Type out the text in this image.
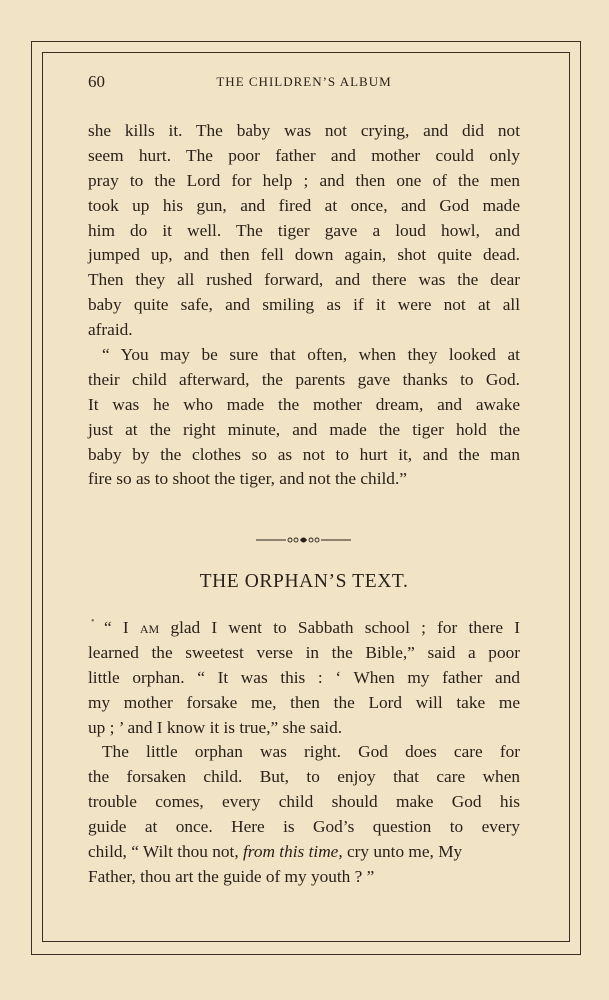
60	THE CHILDREN’S ALBUM
she kills it. The baby was not crying, and did not
seem hurt. The poor father and mother could only
pray to the Lord for help ; and then one of the men
took up his gun, and fired at once, and God made
him do it well. The tiger gave a loud howl, and
jumped up, and then fell down again, shot quite dead.
Then they all rushed forward, and there was the dear
baby quite safe, and smiling as if it were not at all
afraid.
“ You may be sure that often, when they looked at
their child afterward, the parents gave thanks to God.
It was he who made the mother dream, and awake
just at the right minute, and made the tiger hold the
baby by the clothes so as not to hurt it, and the man
fire so as to shoot the tiger, and not the child.”
THE ORPHAN’S TEXT.
• “ I am glad I went to Sabbath school ; for there I
learned the sweetest verse in the Bible,” said a poor
little orphan. “ It was this : ‘ When my father and
my mother forsake me, then the Lord will take me
up ; ’ and I know it is true,” she said.
The little orphan was right. God does care for
the forsaken child. But, to enjoy that care when
trouble comes, every child should make God his
guide at once. Here is God’s question to every
child, “ Wilt thou not, from this time, cry unto me, My
Father, thou art the guide of my youth ? ”
